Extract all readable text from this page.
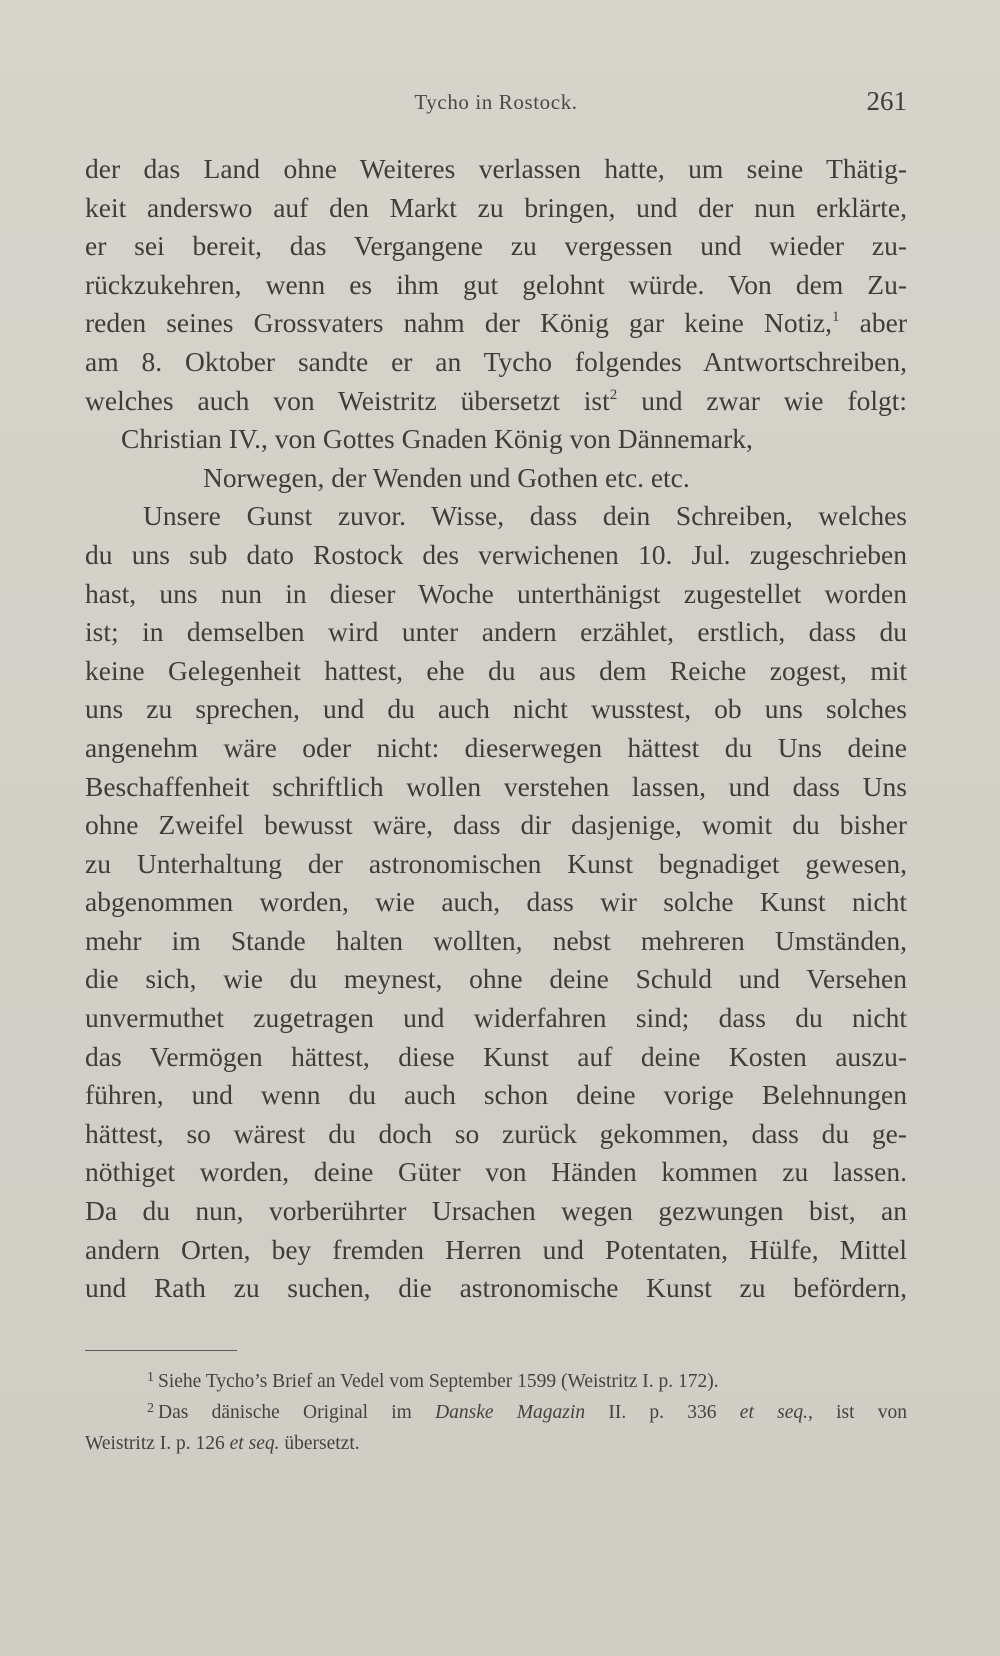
Tycho in Rostock.	261
der das Land ohne Weiteres verlassen hatte, um seine Thätig-
keit anderswo auf den Markt zu bringen, und der nun erklärte,
er sei bereit, das Vergangene zu vergessen und wieder zu-
rückzukehren, wenn es ihm gut gelohnt würde. Von dem Zu-
reden seines Grossvaters nahm der König gar keine Notiz,$^1$ aber
am 8. Oktober sandte er an Tycho folgendes Antwortschreiben,
welches auch von Weistritz übersetzt ist$^2$ und zwar wie folgt:
Christian IV., von Gottes Gnaden König von Dännemark,
Norwegen, der Wenden und Gothen etc. etc.
Unsere Gunst zuvor. Wisse, dass dein Schreiben, welches
du uns sub dato Rostock des verwichenen 10. Jul. zugeschrieben
hast, uns nun in dieser Woche unterthänigst zugestellet worden
ist; in demselben wird unter andern erzählet, erstlich, dass du
keine Gelegenheit hattest, ehe du aus dem Reiche zogest, mit
uns zu sprechen, und du auch nicht wusstest, ob uns solches
angenehm wäre oder nicht: dieserwegen hättest du Uns deine
Beschaffenheit schriftlich wollen verstehen lassen, und dass Uns
ohne Zweifel bewusst wäre, dass dir dasjenige, womit du bisher
zu Unterhaltung der astronomischen Kunst begnadiget gewesen,
abgenommen worden, wie auch, dass wir solche Kunst nicht
mehr im Stande halten wollten, nebst mehreren Umständen,
die sich, wie du meynest, ohne deine Schuld und Versehen
unvermuthet zugetragen und widerfahren sind; dass du nicht
das Vermögen hättest, diese Kunst auf deine Kosten auszu-
führen, und wenn du auch schon deine vorige Belehnungen
hättest, so wärest du doch so zurück gekommen, dass du ge-
nöthiget worden, deine Güter von Händen kommen zu lassen.
Da du nun, vorberührter Ursachen wegen gezwungen bist, an
andern Orten, bey fremden Herren und Potentaten, Hülfe, Mittel
und Rath zu suchen, die astronomische Kunst zu befördern,
$^1$ Siehe Tycho’s Brief an Vedel vom September 1599 (Weistritz I. p. 172).
$^2$ Das dänische Original im Danske Magazin II. p. 336 et seq., ist von
Weistritz I. p. 126 et seq. übersetzt.
